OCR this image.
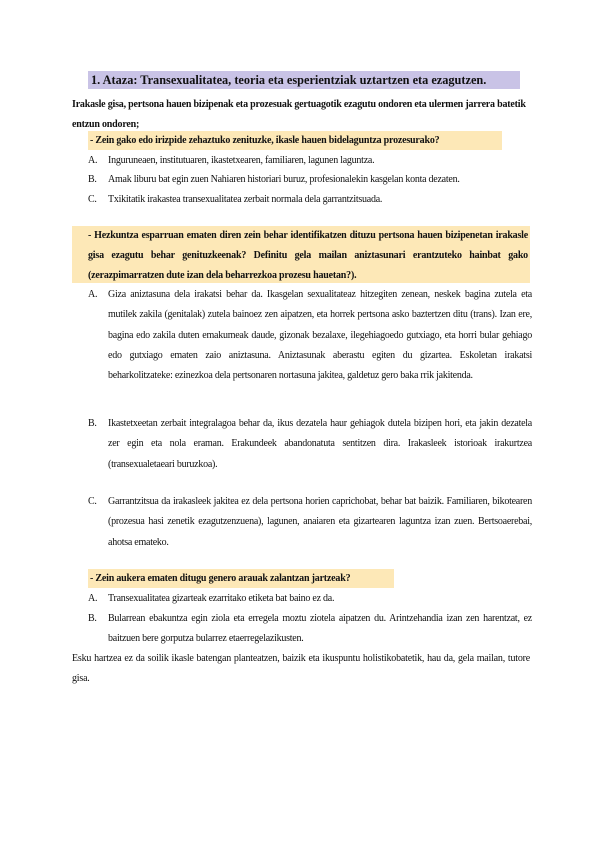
1. Ataza: Transexualitatea, teoria eta esperientziak uztartzen eta ezagutzen.
Irakasle gisa, pertsona hauen bizipenak eta prozesuak gertuagotik ezagutu ondoren eta ulermen jarrera batetik entzun ondoren;
- Zein gako edo irizpide zehaztuko zenituzke, ikasle hauen bidelaguntza prozesurako?
A.	Inguruneaen, institutuaren, ikastetxearen, familiaren, lagunen laguntza.
B.	Amak liburu bat egin zuen Nahiaren historiari buruz, profesionalekin kasgelan konta dezaten.
C.	Txikitatik irakastea transexualitatea zerbait normala dela garrantzitsuada.
- Hezkuntza esparruan ematen diren zein behar identifikatzen dituzu pertsona hauen bizipenetan irakasle gisa ezagutu behar genituzkeenak? Definitu gela mailan aniztasunari erantzuteko hainbat gako (zerazpimarratzen dute izan dela beharrezkoa prozesu hauetan?).
A.	Giza aniztasuna dela irakatsi behar da. Ikasgelan sexualitateaz hitzegiten zenean, neskek bagina zutela eta mutilek zakila (genitalak) zutela bainoez zen aipatzen, eta horrek pertsona asko baztertzen ditu (trans). Izan ere, bagina edo zakila duten emakumeak daude, gizonak bezalaxe, ilegehiagoedo gutxiago, eta horri bular gehiago edo gutxiago ematen zaio aniztasuna. Aniztasunak aberastu egiten du gizartea. Eskoletan irakatsi beharkolitzateke: ezinezkoa dela pertsonaren nortasuna jakitea, galdetuz gero baka rrik jakitenda.
B.	Ikastetxeetan zerbait integralagoa behar da, ikus dezatela haur gehiagok dutela bizipen hori, eta jakin dezatela zer egin eta nola eraman. Erakundeek abandonatuta sentitzen dira. Irakasleek istorioak irakurtzea (transexualetaeari buruzkoa).
C.	Garrantzitsua da irakasleek jakitea ez dela pertsona horien caprichobat, behar bat baizik. Familiaren, bikotearen (prozesua hasi zenetik ezagutzenzuena), lagunen, anaiaren eta gizartearen laguntza izan zuen. Bertsoaerebai, ahotsa emateko.
- Zein aukera ematen ditugu genero arauak zalantzan jartzeak?
A.	Transexualitatea gizarteak ezarritako etiketa bat baino ez da.
B.	Bularrean ebakuntza egin ziola eta erregela moztu ziotela aipatzen du. Arintzehandia izan zen harentzat, ez baitzuen bere gorputza bularrez etaerregelazikusten.
Esku hartzea ez da soilik ikasle batengan planteatzen, baizik eta ikuspuntu holistikobatetik, hau da, gela mailan, tutore gisa.
